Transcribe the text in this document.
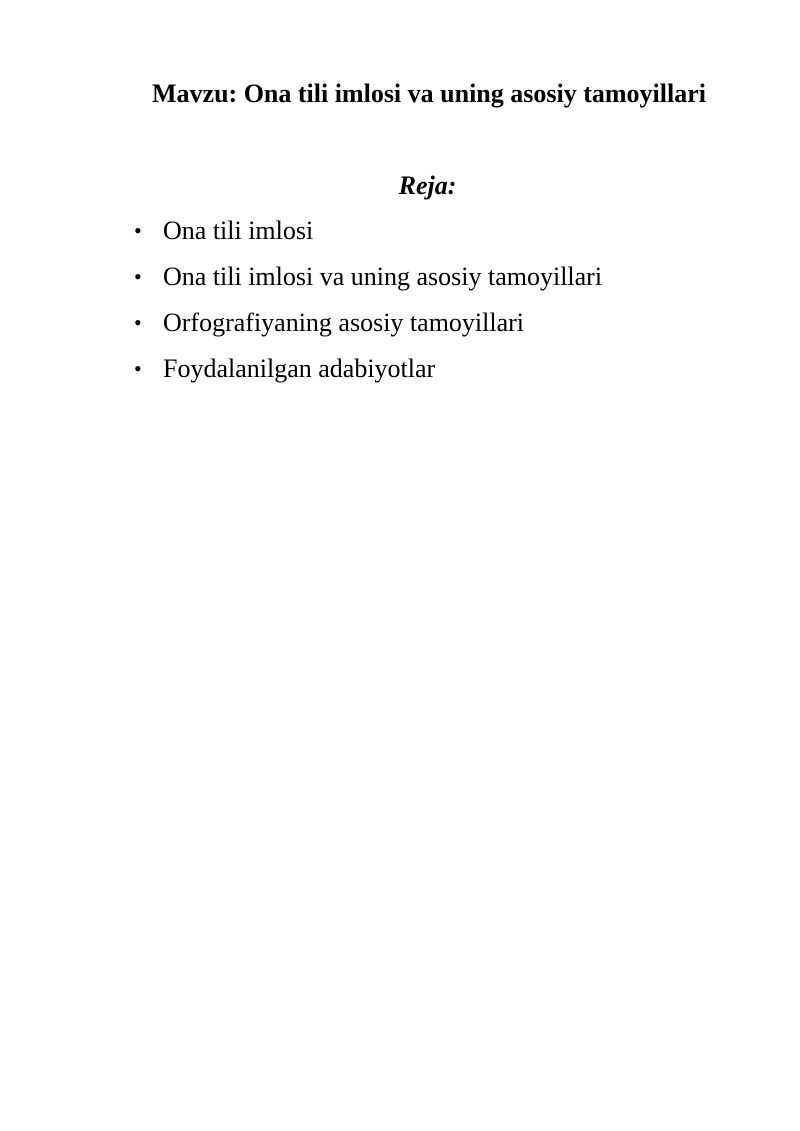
Mavzu: Ona tili imlosi va uning asosiy tamoyillari
Reja:
• Ona tili imlosi
• Ona tili imlosi va uning asosiy tamoyillari
• Orfografiyaning asosiy tamoyillari
• Foydalanilgan adabiyotlar
